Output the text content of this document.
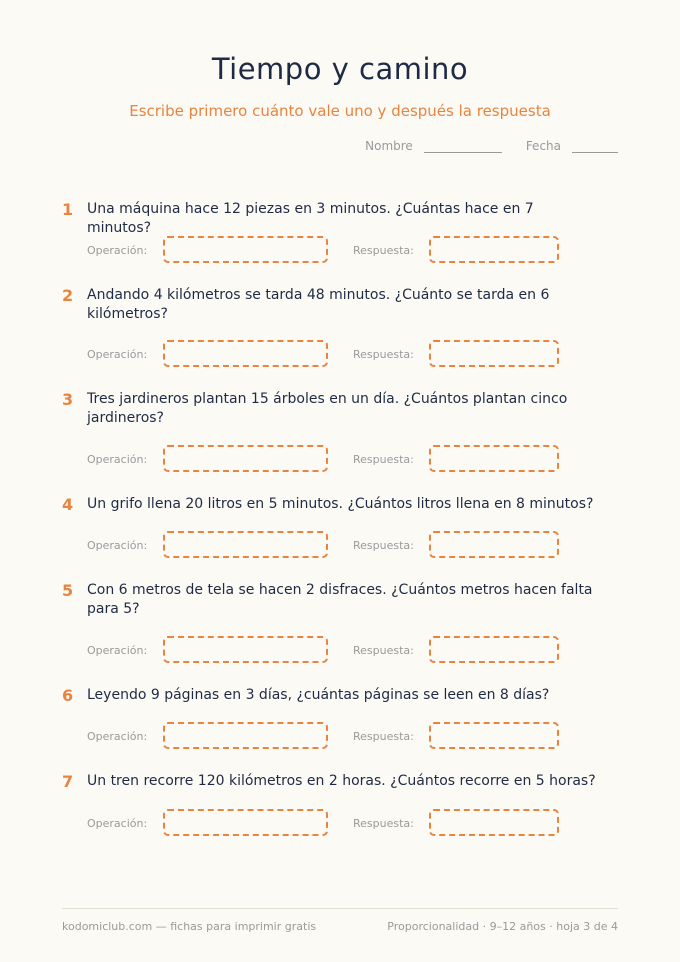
Tiempo y camino

Escribe primero cuánto vale uno y después la respuesta

Nombre	Fecha
1 Una máquina hace 12 piezas en 3 minutos. ¿Cuántas hace en 7 minutos?
Operación:	Respuesta:
2 Andando 4 kilómetros se tarda 48 minutos. ¿Cuánto se tarda en 6 kilómetros?
Operación:	Respuesta:
3 Tres jardineros plantan 15 árboles en un día. ¿Cuántos plantan cinco jardineros?
Operación:	Respuesta:
4 Un grifo llena 20 litros en 5 minutos. ¿Cuántos litros llena en 8 minutos?
Operación:	Respuesta:
5 Con 6 metros de tela se hacen 2 disfraces. ¿Cuántos metros hacen falta para 5?
Operación:	Respuesta:
6 Leyendo 9 páginas en 3 días, ¿cuántas páginas se leen en 8 días?
Operación:	Respuesta:
7 Un tren recorre 120 kilómetros en 2 horas. ¿Cuántos recorre en 5 horas?
Operación:	Respuesta:
kodomiclub.com — fichas para imprimir gratis	Proporcionalidad · 9–12 años · hoja 3 de 4
